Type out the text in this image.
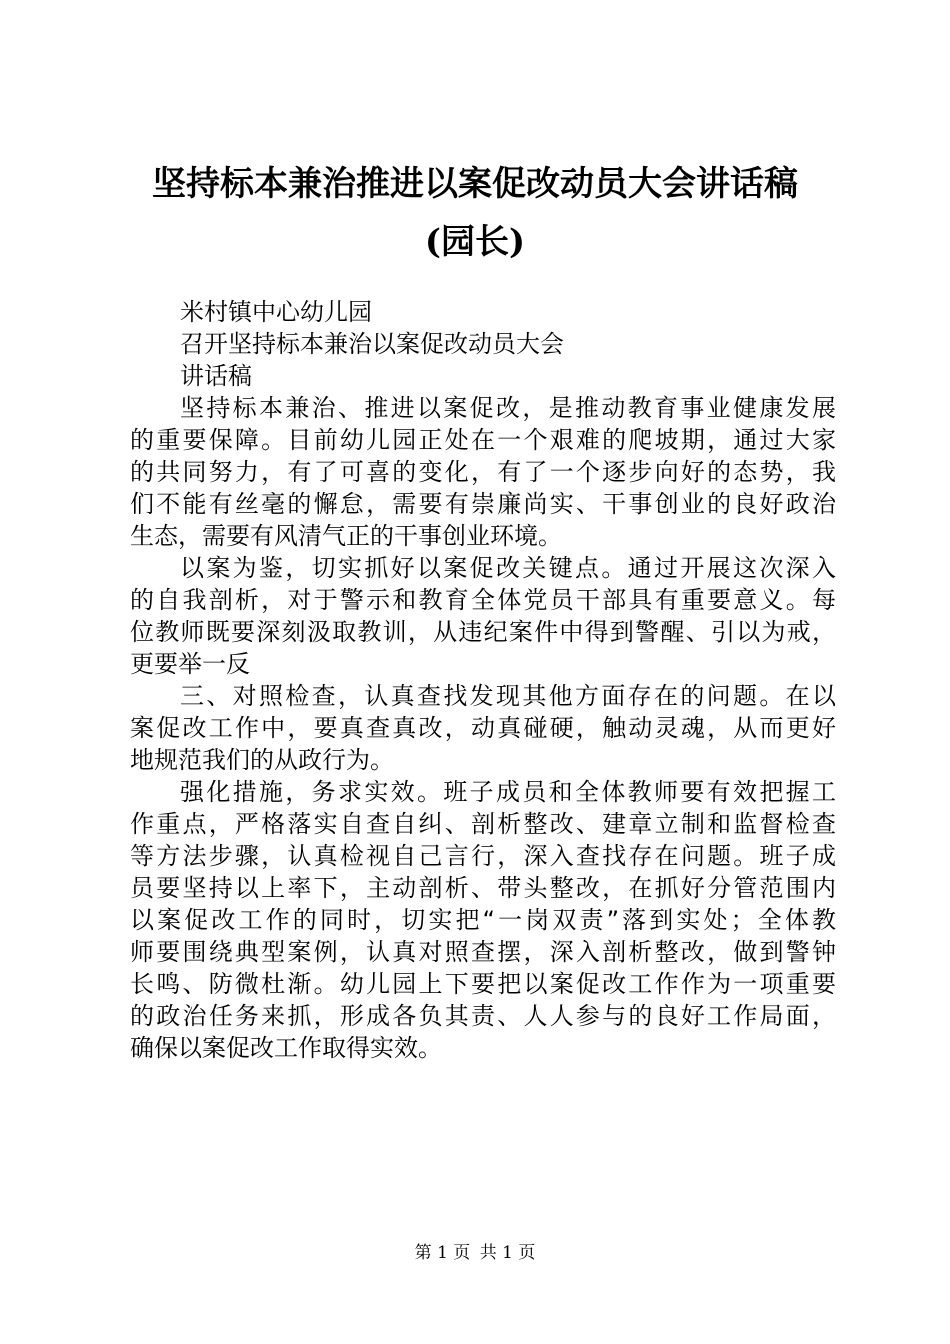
坚持标本兼治推进以案促改动员大会讲话稿
(园长)
米村镇中心幼儿园
召开坚持标本兼治以案促改动员大会
讲话稿
坚持标本兼治、推进以案促改，是推动教育事业健康发展
的重要保障。目前幼儿园正处在一个艰难的爬坡期，通过大家
的共同努力，有了可喜的变化，有了一个逐步向好的态势，我
们不能有丝毫的懈怠，需要有崇廉尚实、干事创业的良好政治
生态，需要有风清气正的干事创业环境。
以案为鉴，切实抓好以案促改关键点。通过开展这次深入
的自我剖析，对于警示和教育全体党员干部具有重要意义。每
位教师既要深刻汲取教训，从违纪案件中得到警醒、引以为戒，
更要举一反
三、对照检查，认真查找发现其他方面存在的问题。在以
案促改工作中，要真查真改，动真碰硬，触动灵魂，从而更好
地规范我们的从政行为。
强化措施，务求实效。班子成员和全体教师要有效把握工
作重点，严格落实自查自纠、剖析整改、建章立制和监督检查
等方法步骤，认真检视自己言行，深入查找存在问题。班子成
员要坚持以上率下，主动剖析、带头整改，在抓好分管范围内
以案促改工作的同时，切实把“一岗双责”落到实处；全体教
师要围绕典型案例，认真对照查摆，深入剖析整改，做到警钟
长鸣、防微杜渐。幼儿园上下要把以案促改工作作为一项重要
的政治任务来抓，形成各负其责、人人参与的良好工作局面，
确保以案促改工作取得实效。
第 1 页 共 1 页
